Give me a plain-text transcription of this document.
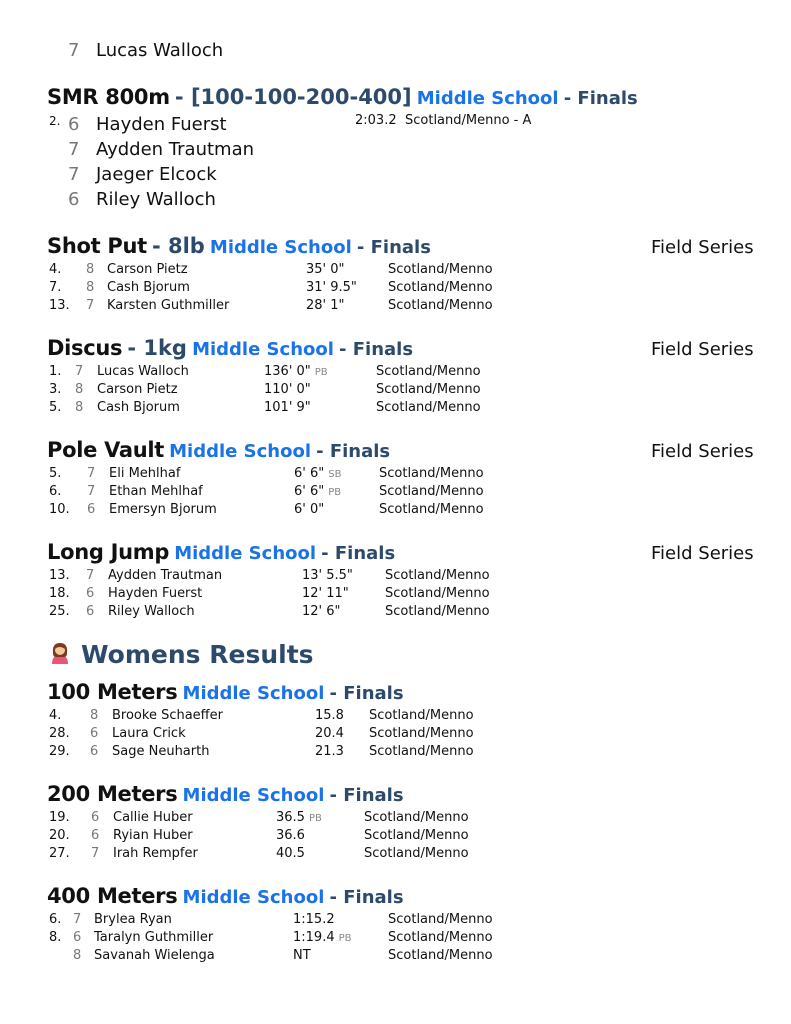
7 Lucas Walloch
SMR 800m - [100-100-200-400] Middle School - Finals
2.	2:03.2 Scotland/Menno - A
6 Hayden Fuerst
7 Aydden Trautman
7 Jaeger Elcock
6 Riley Walloch
Shot Put - 8lb Middle School - Finals	Field Series
4. 8 Carson Pietz	35' 0"	Scotland/Menno
7. 8 Cash Bjorum	31' 9.5" Scotland/Menno
13. 7 Karsten Guthmiller	28' 1"	Scotland/Menno
Discus - 1kg Middle School - Finals	Field Series
1. 7 Lucas Walloch	136' 0" PB	Scotland/Menno
3. 8 Carson Pietz	110' 0"	Scotland/Menno
5. 8 Cash Bjorum	101' 9"	Scotland/Menno
Pole Vault Middle School - Finals	Field Series
5. 7 Eli Mehlhaf	6' 6" SB	Scotland/Menno
6. 7 Ethan Mehlhaf	6' 6" PB	Scotland/Menno
10. 6 Emersyn Bjorum	6' 0"	Scotland/Menno
Long Jump Middle School - Finals	Field Series
13. 7 Aydden Trautman	13' 5.5" Scotland/Menno
18. 6 Hayden Fuerst	12' 11"	Scotland/Menno
25. 6 Riley Walloch	12' 6"	Scotland/Menno
Womens Results
100 Meters Middle School - Finals
4. 8 Brooke Schaeffer	15.8 Scotland/Menno
28. 6 Laura Crick	20.4 Scotland/Menno
29. 6 Sage Neuharth	21.3 Scotland/Menno
200 Meters Middle School - Finals
19. 6 Callie Huber	36.5 PB	Scotland/Menno
20. 6 Ryian Huber	36.6	Scotland/Menno
27. 7 Irah Rempfer	40.5	Scotland/Menno
400 Meters Middle School - Finals
6. 7 Brylea Ryan	1:15.2	Scotland/Menno
8. 6 Taralyn Guthmiller	1:19.4 PB	Scotland/Menno
8 Savanah Wielenga	NT	Scotland/Menno
